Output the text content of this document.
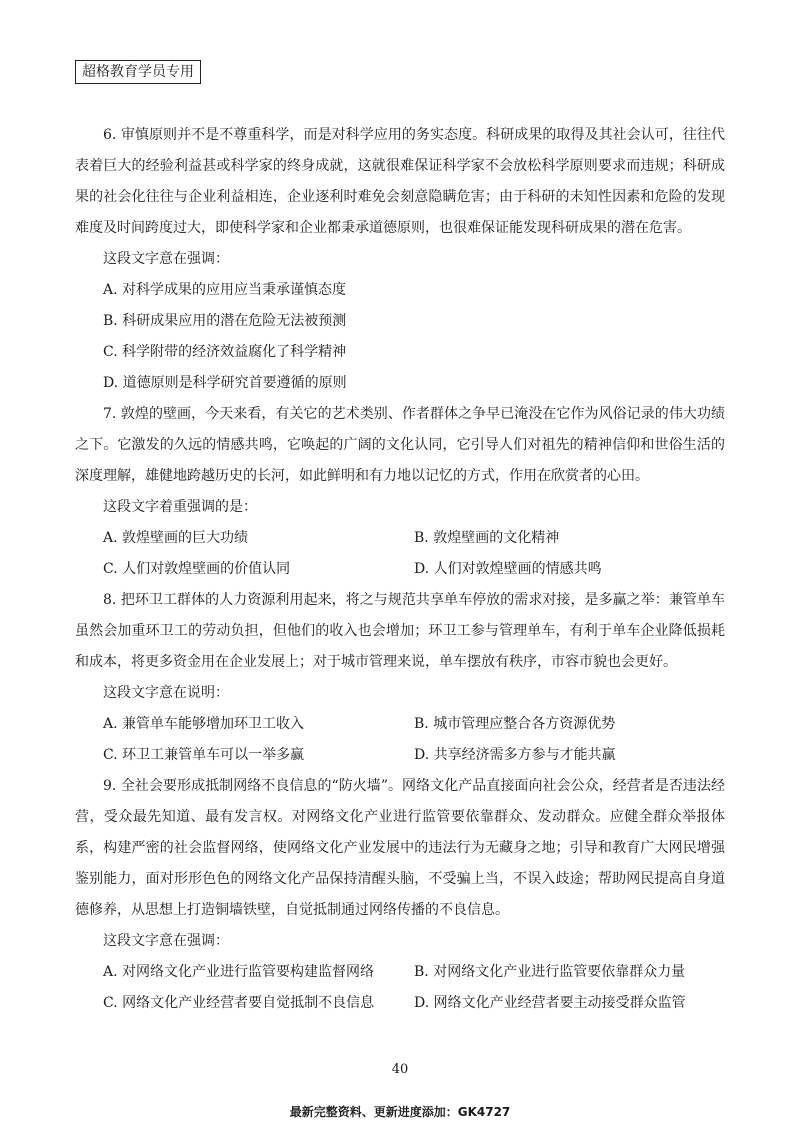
超格教育学员专用

6. 审慎原则并不是不尊重科学，而是对科学应用的务实态度。科研成果的取得及其社会认可，往往代表着巨大的经验利益甚或科学家的终身成就，这就很难保证科学家不会放松科学原则要求而违规；科研成果的社会化往往与企业利益相连，企业逐利时难免会刻意隐瞒危害；由于科研的未知性因素和危险的发现难度及时间跨度过大，即使科学家和企业都秉承道德原则，也很难保证能发现科研成果的潜在危害。

这段文字意在强调：

A. 对科学成果的应用应当秉承谨慎态度

B. 科研成果应用的潜在危险无法被预测

C. 科学附带的经济效益腐化了科学精神

D. 道德原则是科学研究首要遵循的原则

7. 敦煌的壁画，今天来看，有关它的艺术类别、作者群体之争早已淹没在它作为风俗记录的伟大功绩之下。它激发的久远的情感共鸣，它唤起的广阔的文化认同，它引导人们对祖先的精神信仰和世俗生活的深度理解，雄健地跨越历史的长河，如此鲜明和有力地以记忆的方式，作用在欣赏者的心田。

这段文字着重强调的是：

A. 敦煌壁画的巨大功绩	B. 敦煌壁画的文化精神
C. 人们对敦煌壁画的价值认同	D. 人们对敦煌壁画的情感共鸣

8. 把环卫工群体的人力资源利用起来，将之与规范共享单车停放的需求对接，是多赢之举：兼管单车虽然会加重环卫工的劳动负担，但他们的收入也会增加；环卫工参与管理单车，有利于单车企业降低损耗和成本，将更多资金用在企业发展上；对于城市管理来说，单车摆放有秩序，市容市貌也会更好。

这段文字意在说明：

A. 兼管单车能够增加环卫工收入	B. 城市管理应整合各方资源优势
C. 环卫工兼管单车可以一举多赢	D. 共享经济需多方参与才能共赢

9. 全社会要形成抵制网络不良信息的“防火墙”。网络文化产品直接面向社会公众，经营者是否违法经营，受众最先知道、最有发言权。对网络文化产业进行监管要依靠群众、发动群众。应健全群众举报体系，构建严密的社会监督网络，使网络文化产业发展中的违法行为无藏身之地；引导和教育广大网民增强鉴别能力，面对形形色色的网络文化产品保持清醒头脑，不受骗上当，不误入歧途；帮助网民提高自身道德修养，从思想上打造铜墙铁壁，自觉抵制通过网络传播的不良信息。

这段文字意在强调：

A. 对网络文化产业进行监管要构建监督网络	B. 对网络文化产业进行监管要依靠群众力量
C. 网络文化产业经营者要自觉抵制不良信息	D. 网络文化产业经营者要主动接受群众监管
40
最新完整资料、更新进度添加：GK4727
